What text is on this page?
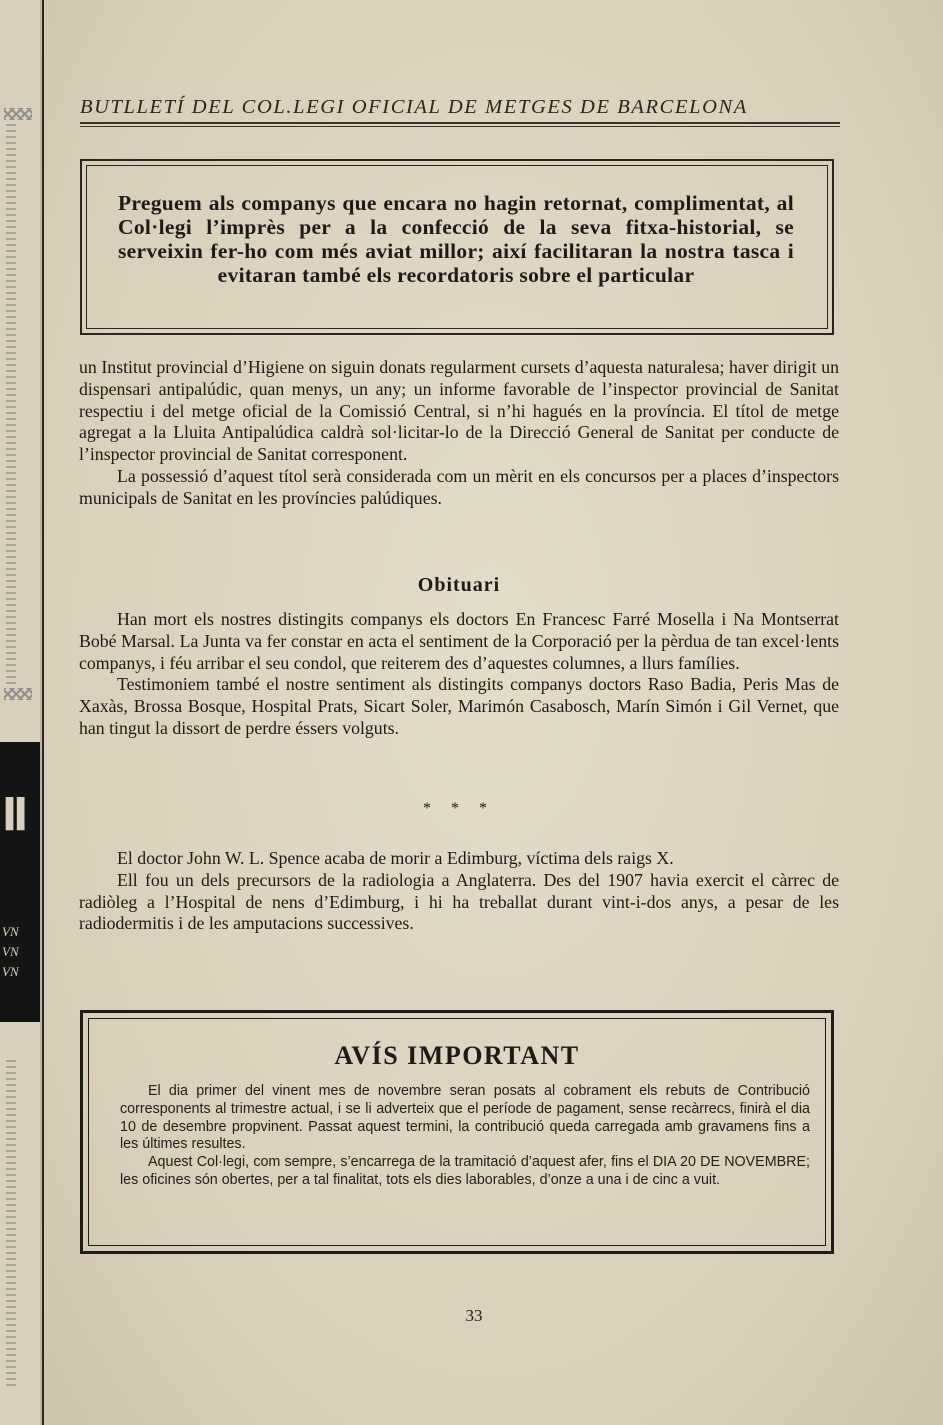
ll
VN
VN
VN
BUTLLETÍ DEL COL.LEGI OFICIAL DE METGES DE BARCELONA
Preguem als companys que encara no hagin retornat, complimentat, al Col·legi l’imprès per a la confecció de la seva fitxa-historial, se serveixin fer-ho com més aviat millor; així facilitaran la nostra tasca i evitaran també els recordatoris sobre el particular

un Institut provincial d’Higiene on siguin donats regularment cursets d’aquesta naturalesa; haver dirigit un dispensari antipalúdic, quan menys, un any; un informe favorable de l’inspector provincial de Sanitat respectiu i del metge oficial de la Comissió Central, si n’hi hagués en la província. El títol de metge agregat a la Lluita Antipalúdica caldrà sol·licitar-lo de la Direcció General de Sanitat per conducte de l’inspector provincial de Sanitat corresponent.

La possessió d’aquest títol serà considerada com un mèrit en els concursos per a places d’inspectors municipals de Sanitat en les províncies palúdiques.

Obituari

Han mort els nostres distingits companys els doctors En Francesc Farré Mosella i Na Montserrat Bobé Marsal. La Junta va fer constar en acta el sentiment de la Corporació per la pèrdua de tan excel·lents companys, i féu arribar el seu condol, que reiterem des d’aquestes columnes, a llurs famílies.

Testimoniem també el nostre sentiment als distingits companys doctors Raso Badia, Peris Mas de Xaxàs, Brossa Bosque, Hospital Prats, Sicart Soler, Marimón Casabosch, Marín Simón i Gil Vernet, que han tingut la dissort de perdre éssers volguts.

* * *

El doctor John W. L. Spence acaba de morir a Edimburg, víctima dels raigs X.

Ell fou un dels precursors de la radiologia a Anglaterra. Des del 1907 havia exercit el càrrec de radiòleg a l’Hospital de nens d’Edimburg, i hi ha treballat durant vint-i-dos anys, a pesar de les radiodermitis i de les amputacions successives.

AVÍS IMPORTANT

El dia primer del vinent mes de novembre seran posats al cobrament els rebuts de Contribució corresponents al trimestre actual, i se li adverteix que el període de pagament, sense recàrrecs, finirà el dia 10 de desembre propvinent. Passat aquest termini, la contribució queda carregada amb gravamens fins a les últimes resultes.

Aquest Col·legi, com sempre, s’encarrega de la tramitació d’aquest afer, fins el DIA 20 DE NOVEMBRE; les oficines són obertes, per a tal finalitat, tots els dies laborables, d’onze a una i de cinc a vuit.

33
